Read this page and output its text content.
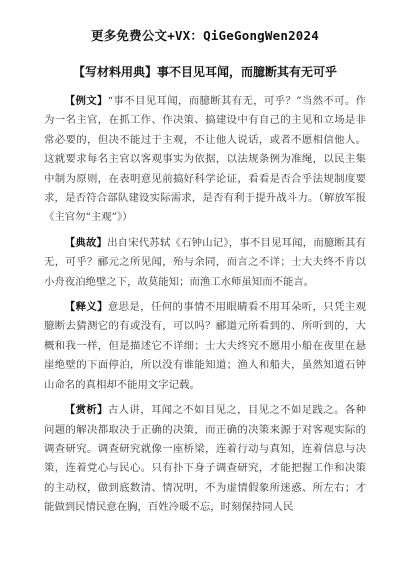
更多免费公文+VX：QiGeGongWen2024
【写材料用典】事不目见耳闻，而臆断其有无可乎

【例文】“事不目见耳闻，而臆断其有无，可乎？”当然不可。作为一名主官，在抓工作、作决策、搞建设中有自己的主见和立场是非常必要的，但决不能过于主观，不让他人说话，或者不愿相信他人。这就要求每名主官以客观事实为依据，以法规条例为准绳，以民主集中制为原则，在表明意见前搞好科学论证，看看是否合乎法规制度要求，是否符合部队建设实际需求，是否有利于提升战斗力。（解放军报《主官勿“主观”》）

【典故】出自宋代苏轼《石钟山记》，事不目见耳闻，而臆断其有无，可乎？郦元之所见闻，殆与余同，而言之不详；士大夫终不肯以小舟夜泊绝壁之下，故莫能知；而渔工水师虽知而不能言。

【释义】意思是，任何的事情不用眼睛看不用耳朵听，只凭主观臆断去猜测它的有或没有，可以吗？郦道元所看到的、所听到的，大概和我一样，但是描述它不详细；士大夫终究不愿用小船在夜里在悬崖绝壁的下面停泊，所以没有谁能知道；渔人和船夫，虽然知道石钟山命名的真相却不能用文字记载。

【赏析】古人讲，耳闻之不如目见之，目见之不如足践之。各种问题的解决都取决于正确的决策，而正确的决策来源于对客观实际的调查研究。调查研究就像一座桥梁，连着行动与真知，连着信息与决策，连着党心与民心。只有扑下身子调查研究，才能把握工作和决策的主动权，做到底数清、情况明，不为虚情假象所迷惑、所左右；才能做到民情民意在胸，百姓冷暖不忘，时刻保持同人民
